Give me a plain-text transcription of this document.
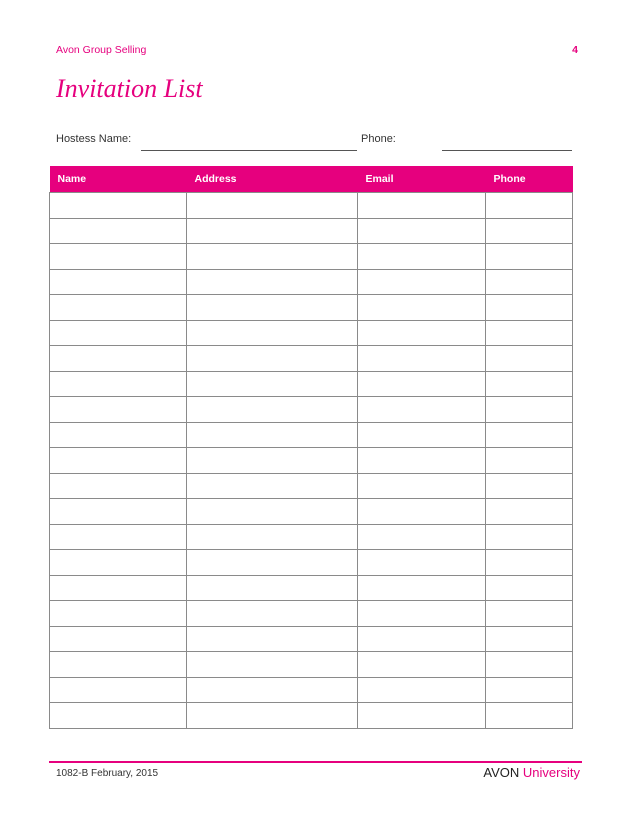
Avon Group Selling	4
Invitation List
Hostess Name:	Phone:
Name	Address	Email	Phone

1082-B February, 2015	AVON University
